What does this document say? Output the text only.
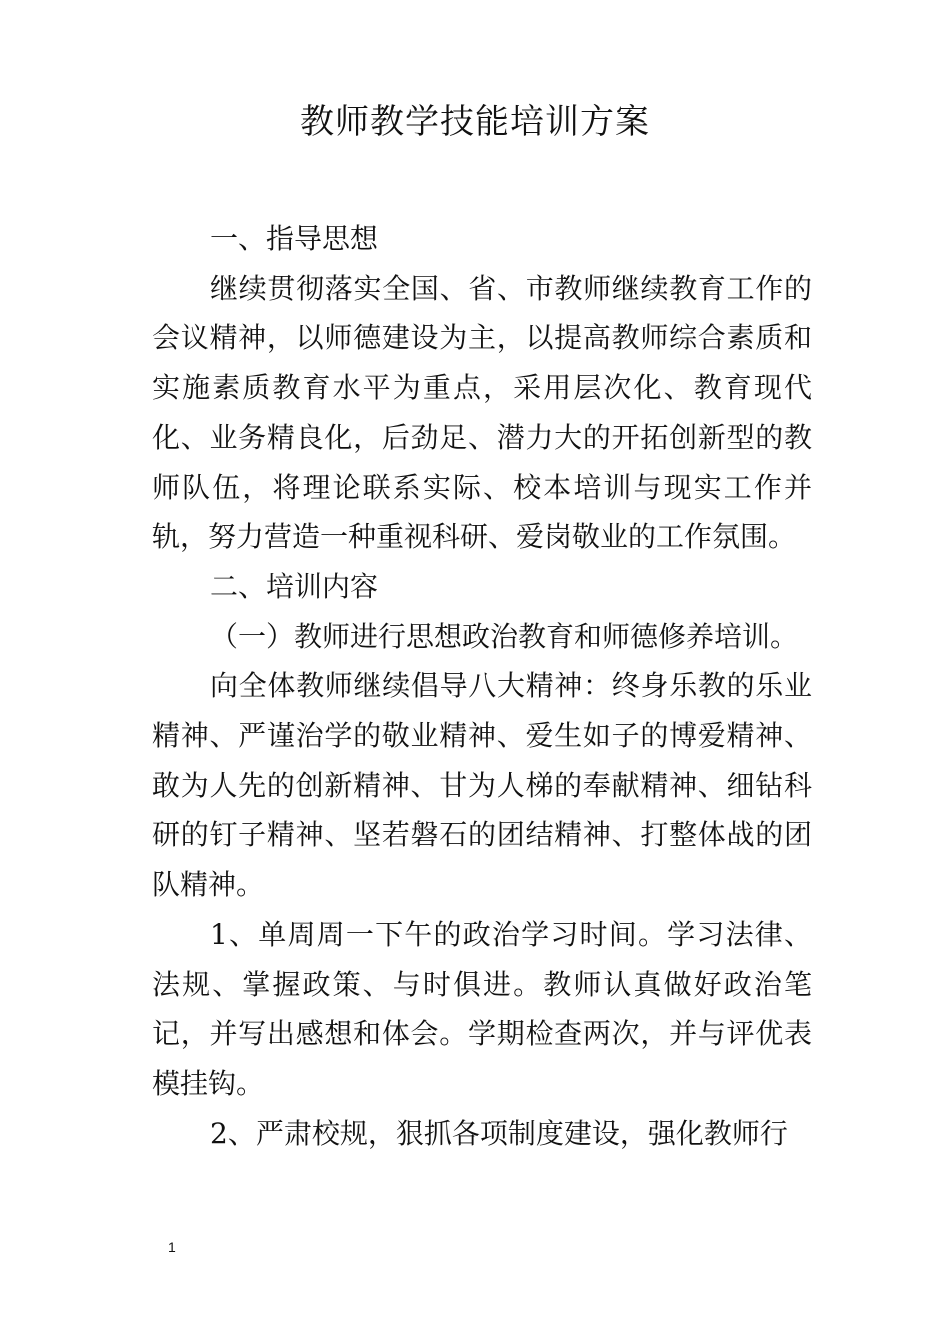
教师教学技能培训方案

一、指导思想

继续贯彻落实全国、省、市教师继续教育工作的会议精神，以师德建设为主，以提高教师综合素质和实施素质教育水平为重点，采用层次化、教育现代化、业务精良化，后劲足、潜力大的开拓创新型的教师队伍，将理论联系实际、校本培训与现实工作并轨，努力营造一种重视科研、爱岗敬业的工作氛围。

二、培训内容

（一）教师进行思想政治教育和师德修养培训。

向全体教师继续倡导八大精神：终身乐教的乐业精神、严谨治学的敬业精神、爱生如子的博爱精神、敢为人先的创新精神、甘为人梯的奉献精神、细钻科研的钉子精神、坚若磐石的团结精神、打整体战的团队精神。

1、单周周一下午的政治学习时间。学习法律、法规、掌握政策、与时俱进。教师认真做好政治笔记，并写出感想和体会。学期检查两次，并与评优表模挂钩。

2、严肃校规，狠抓各项制度建设，强化教师行

1
